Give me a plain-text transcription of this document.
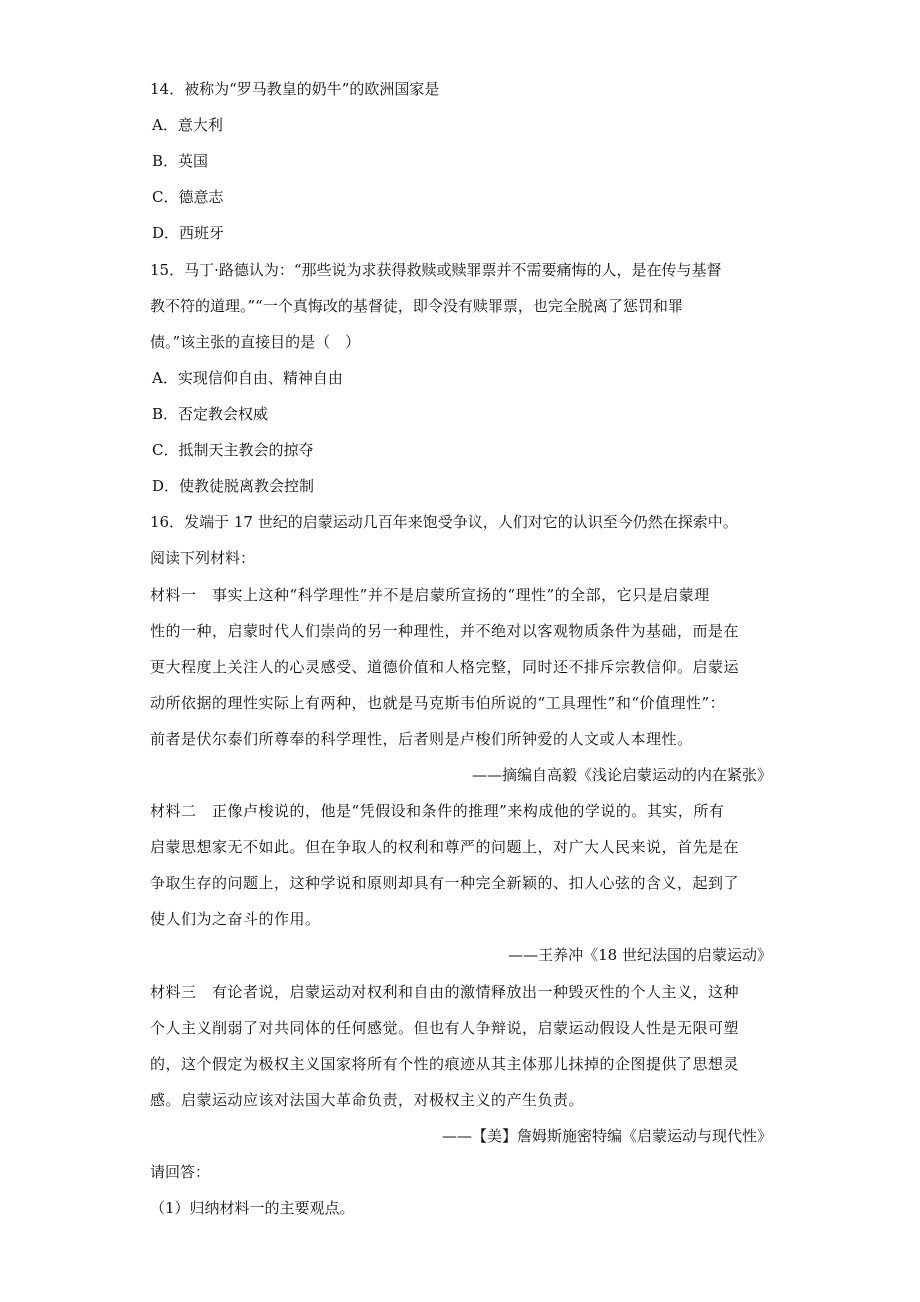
14．被称为“罗马教皇的奶牛”的欧洲国家是
A．意大利
B．英国
C．德意志
D．西班牙
15．马丁·路德认为：“那些说为求获得救赎或赎罪票并不需要痛悔的人，是在传与基督
教不符的道理。”“一个真悔改的基督徒，即令没有赎罪票，也完全脱离了惩罚和罪
债。”该主张的直接目的是（　）
A．实现信仰自由、精神自由
B．否定教会权威
C．抵制天主教会的掠夺
D．使教徒脱离教会控制
16．发端于 17 世纪的启蒙运动几百年来饱受争议，人们对它的认识至今仍然在探索中。
阅读下列材料：
材料一　事实上这种“科学理性”并不是启蒙所宣扬的“理性”的全部，它只是启蒙理
性的一种，启蒙时代人们崇尚的另一种理性，并不绝对以客观物质条件为基础，而是在
更大程度上关注人的心灵感受、道德价值和人格完整，同时还不排斥宗教信仰。启蒙运
动所依据的理性实际上有两种，也就是马克斯韦伯所说的“工具理性”和“价值理性”：
前者是伏尔泰们所尊奉的科学理性，后者则是卢梭们所钟爱的人文或人本理性。
——摘编自高毅《浅论启蒙运动的内在紧张》
材料二　正像卢梭说的，他是“凭假设和条件的推理”来构成他的学说的。其实，所有
启蒙思想家无不如此。但在争取人的权利和尊严的问题上，对广大人民来说，首先是在
争取生存的问题上，这种学说和原则却具有一种完全新颖的、扣人心弦的含义，起到了
使人们为之奋斗的作用。
——王养冲《18 世纪法国的启蒙运动》
材料三　有论者说，启蒙运动对权利和自由的激情释放出一种毁灭性的个人主义，这种
个人主义削弱了对共同体的任何感觉。但也有人争辩说，启蒙运动假设人性是无限可塑
的，这个假定为极权主义国家将所有个性的痕迹从其主体那儿抹掉的企图提供了思想灵
感。启蒙运动应该对法国大革命负责，对极权主义的产生负责。
——【美】詹姆斯施密特编《启蒙运动与现代性》
请回答：
（1）归纳材料一的主要观点。
